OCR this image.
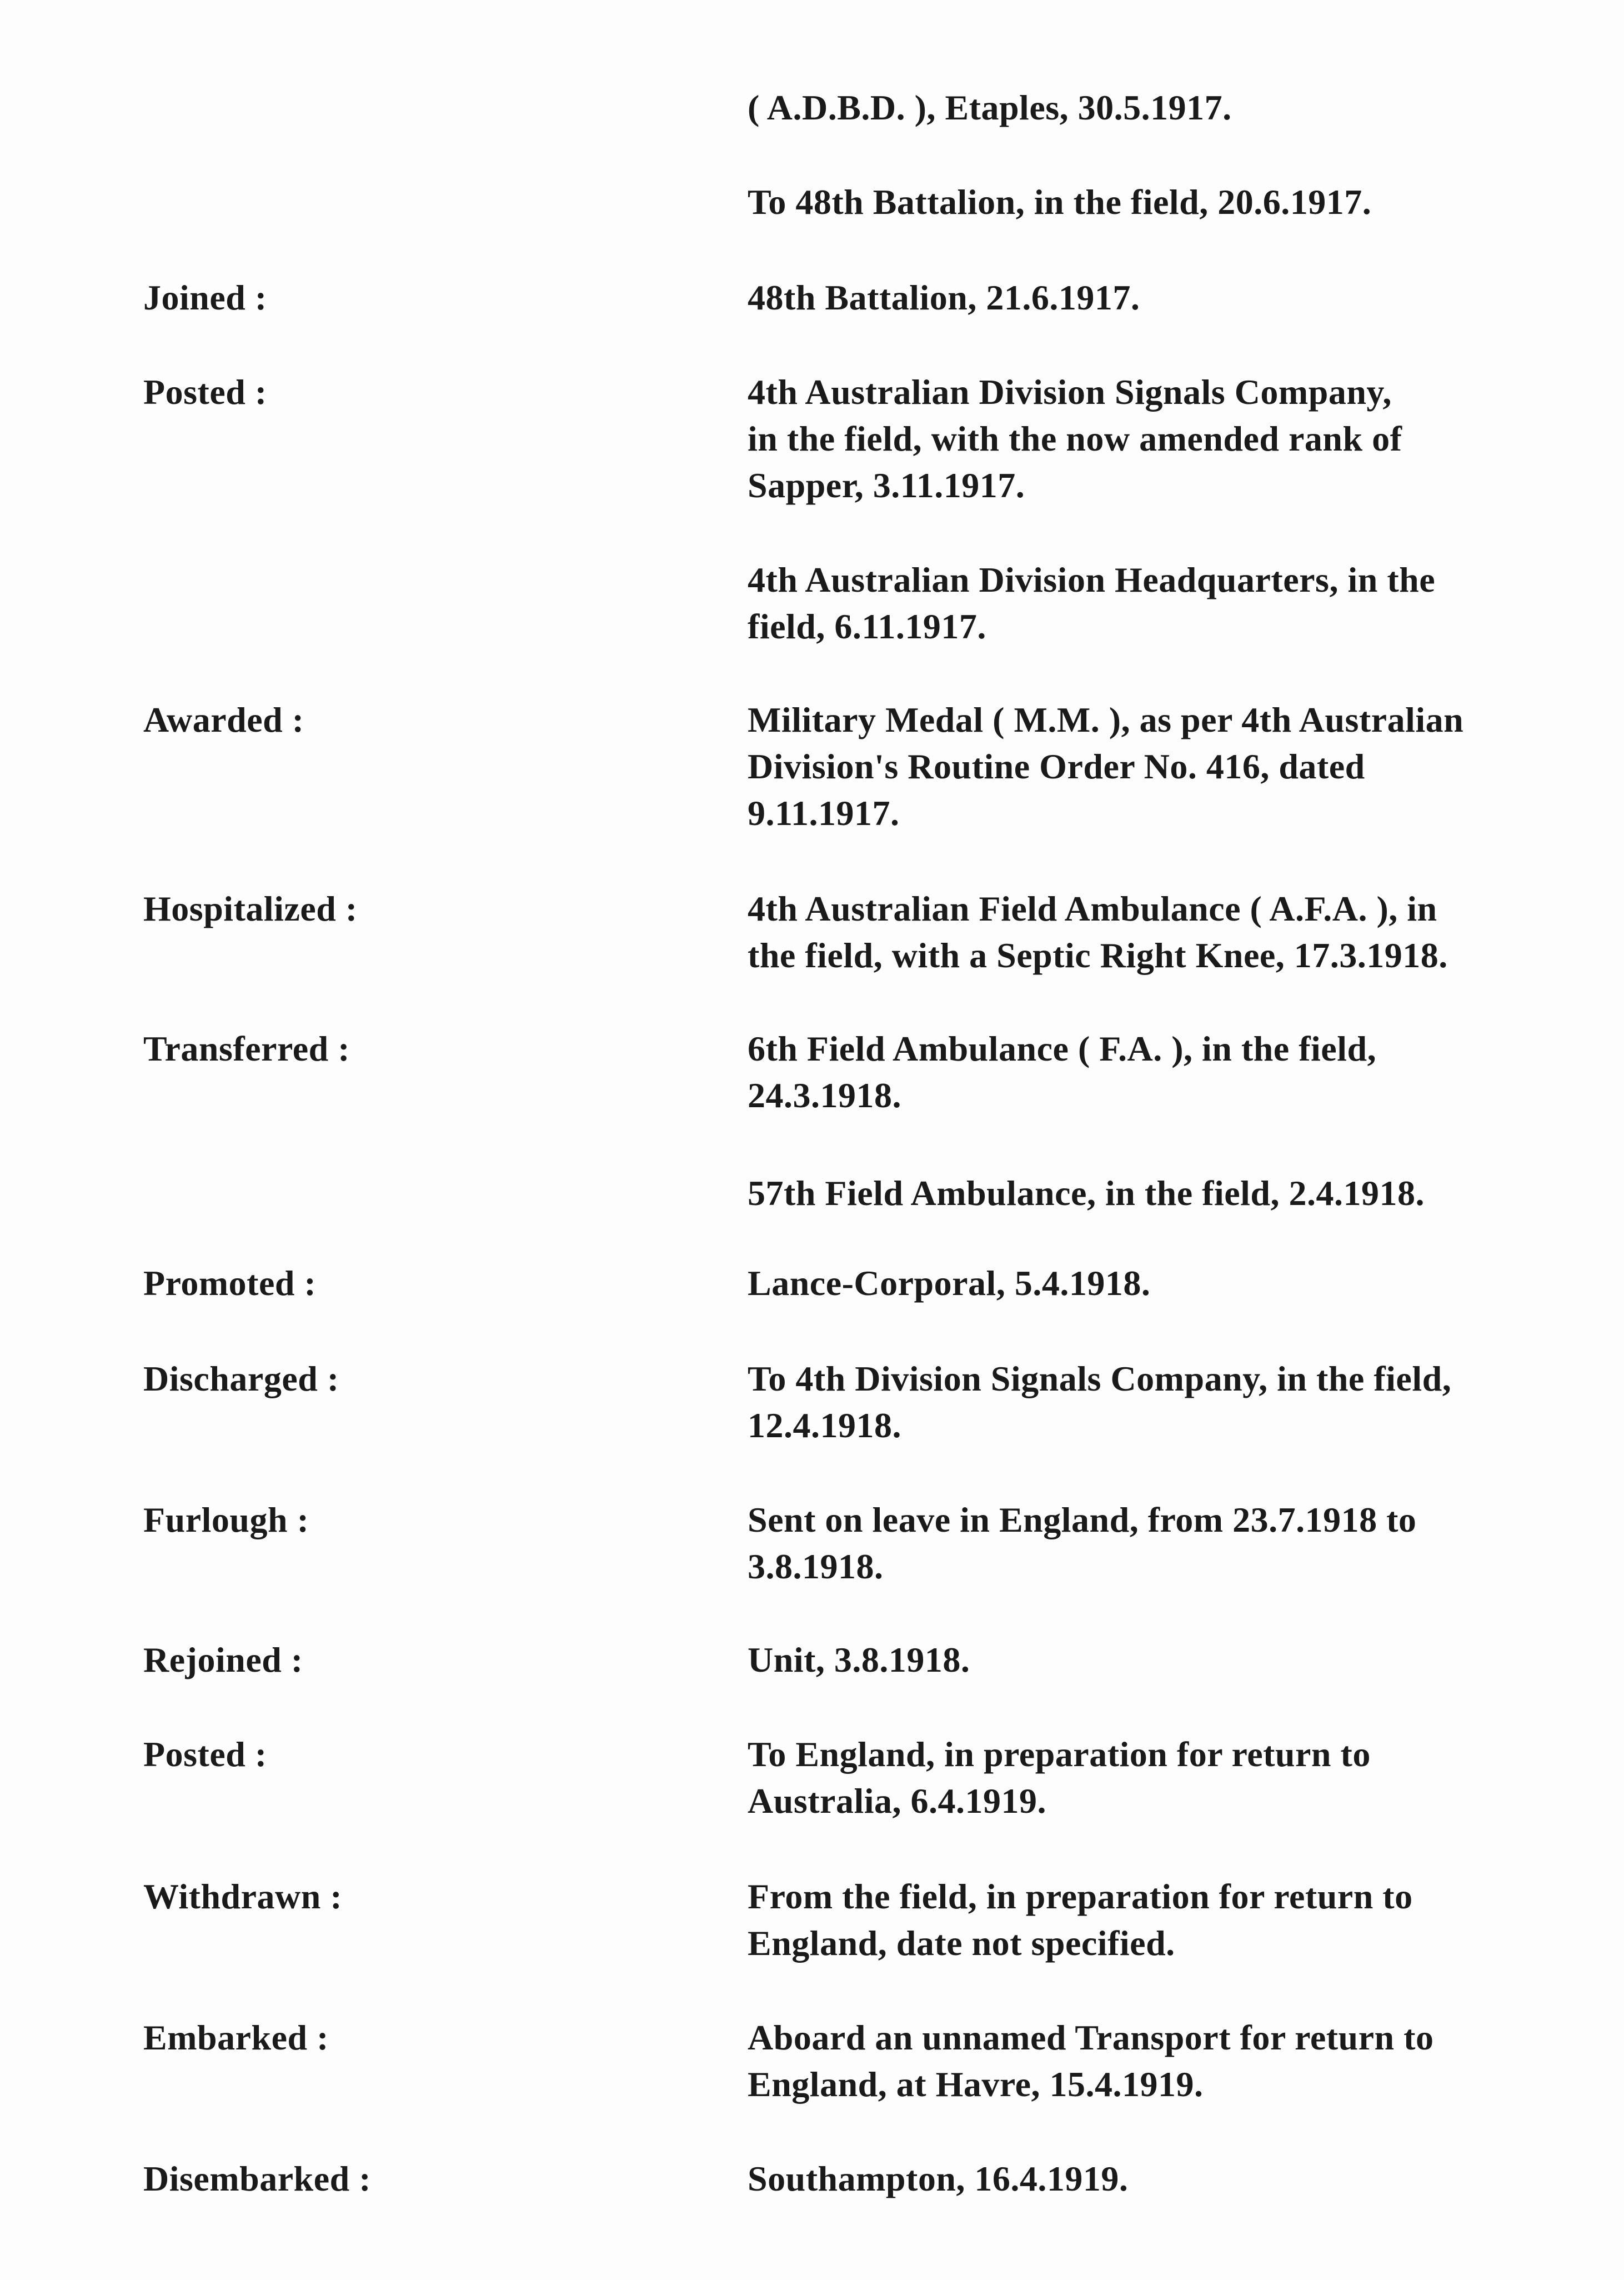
( A.D.B.D. ), Etaples, 30.5.1917.
To 48th Battalion, in the field, 20.6.1917.
Joined :	48th Battalion, 21.6.1917.
Posted :	4th Australian Division Signals Company,
in the field, with the now amended rank of
Sapper, 3.11.1917.
4th Australian Division Headquarters, in the
field, 6.11.1917.
Awarded :	Military Medal ( M.M. ), as per 4th Australian
Division's Routine Order No. 416, dated
9.11.1917.
Hospitalized :	4th Australian Field Ambulance ( A.F.A. ), in
the field, with a Septic Right Knee, 17.3.1918.
Transferred :	6th Field Ambulance ( F.A. ), in the field,
24.3.1918.
57th Field Ambulance, in the field, 2.4.1918.
Promoted :	Lance-Corporal, 5.4.1918.
Discharged :	To 4th Division Signals Company, in the field,
12.4.1918.
Furlough :	Sent on leave in England, from 23.7.1918 to
3.8.1918.
Rejoined :	Unit, 3.8.1918.
Posted :	To England, in preparation for return to
Australia, 6.4.1919.
Withdrawn :	From the field, in preparation for return to
England, date not specified.
Embarked :	Aboard an unnamed Transport for return to
England, at Havre, 15.4.1919.
Disembarked :	Southampton, 16.4.1919.
